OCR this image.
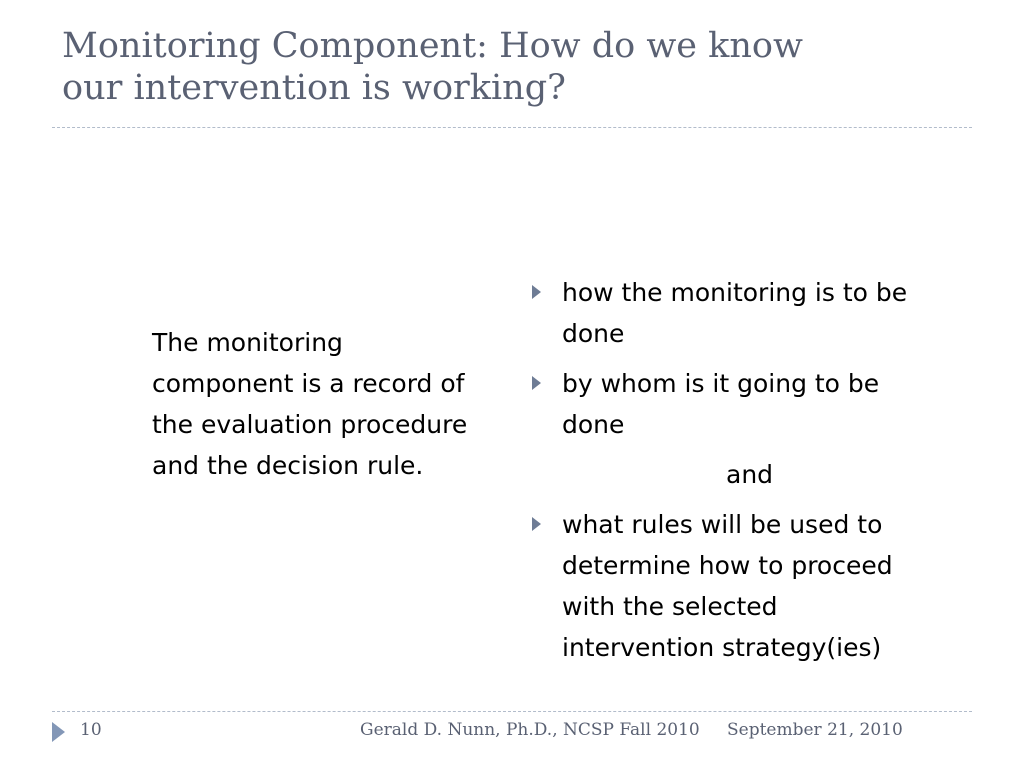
Monitoring Component: How do we know
our intervention is working?
The monitoring
component is a record of
the evaluation procedure
and the decision rule.
how the monitoring is to be
done
by whom is it going to be
done
and
what rules will be used to
determine how to proceed
with the selected
intervention strategy(ies)
10	Gerald D. Nunn, Ph.D., NCSP Fall 2010 September 21, 2010
